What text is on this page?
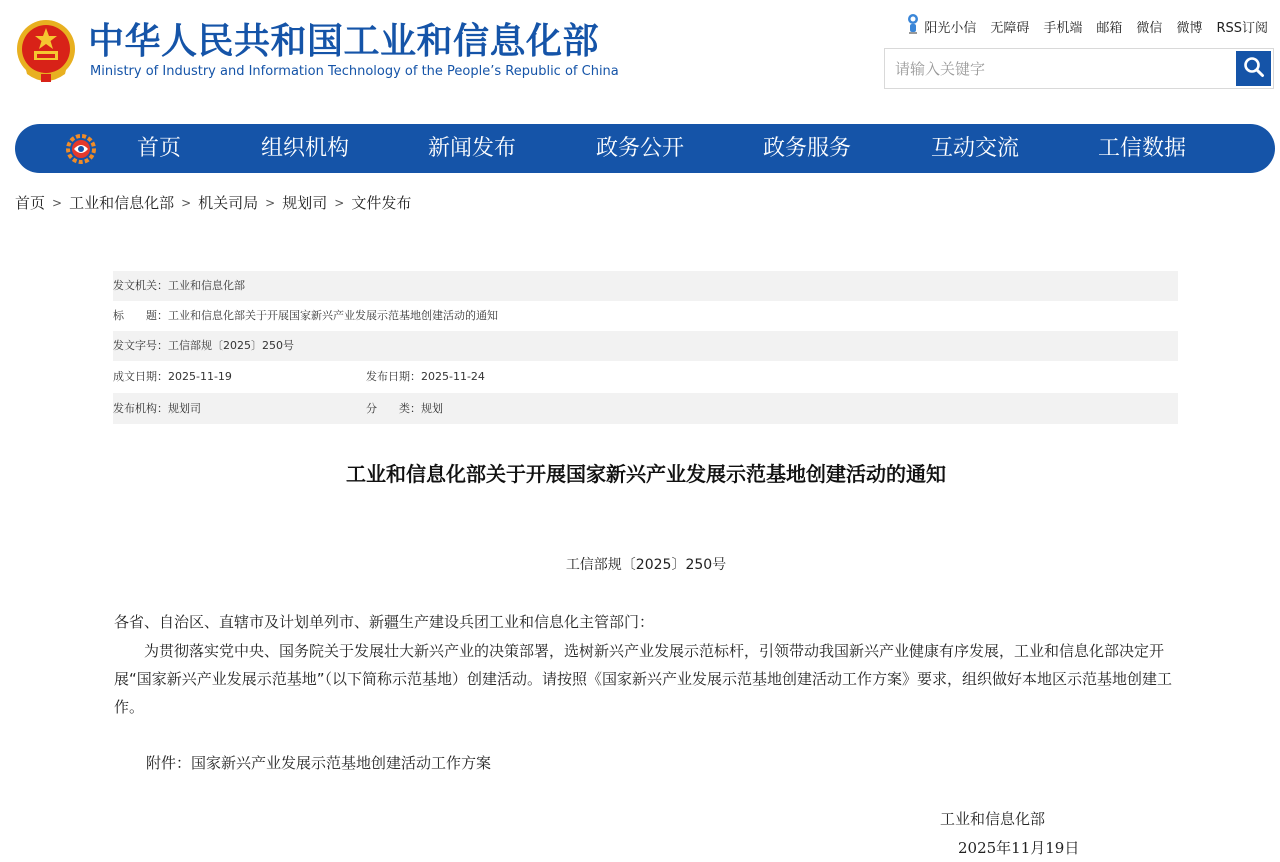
中华人民共和国工业和信息化部
Ministry of Industry and Information Technology of the People’s Republic of China
阳光小信 无障碍 手机端 邮箱 微信 微博 RSS订阅
请输入关键字
首页	组织机构	新闻发布	政务公开	政务服务	互动交流	工信数据
首页 > 工业和信息化部 > 机关司局 > 规划司 > 文件发布
发文机关：工业和信息化部
标　　题：工业和信息化部关于开展国家新兴产业发展示范基地创建活动的通知
发文字号：工信部规〔2025〕250号
成文日期：2025-11-19	发布日期：2025-11-24
发布机构：规划司	分　　类：规划
工业和信息化部关于开展国家新兴产业发展示范基地创建活动的通知
工信部规〔2025〕250号
各省、自治区、直辖市及计划单列市、新疆生产建设兵团工业和信息化主管部门：
为贯彻落实党中央、国务院关于发展壮大新兴产业的决策部署，选树新兴产业发展示范标杆，引领带动我国新兴产业健康有序发展，工业和信息化部决定开展“国家新兴产业发展示范基地”（以下简称示范基地）创建活动。请按照《国家新兴产业发展示范基地创建活动工作方案》要求，组织做好本地区示范基地创建工作。
附件：国家新兴产业发展示范基地创建活动工作方案
工业和信息化部
2025年11月19日
